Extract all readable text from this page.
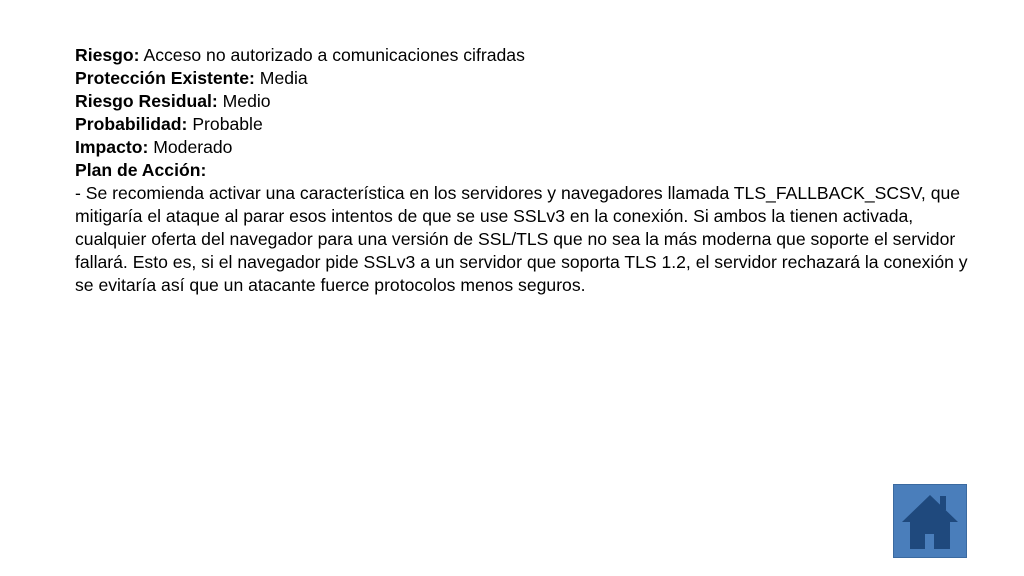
Riesgo: Acceso no autorizado a comunicaciones cifradas

Protección Existente: Media

Riesgo Residual: Medio

Probabilidad: Probable

Impacto: Moderado

Plan de Acción:

- Se recomienda activar una característica en los servidores y navegadores llamada TLS_FALLBACK_SCSV, que mitigaría el ataque al parar esos intentos de que se use SSLv3 en la conexión. Si ambos la tienen activada, cualquier oferta del navegador para una versión de SSL/TLS que no sea la más moderna que soporte el servidor fallará. Esto es, si el navegador pide SSLv3 a un servidor que soporta TLS 1.2, el servidor rechazará la conexión y se evitaría así que un atacante fuerce protocolos menos seguros.
